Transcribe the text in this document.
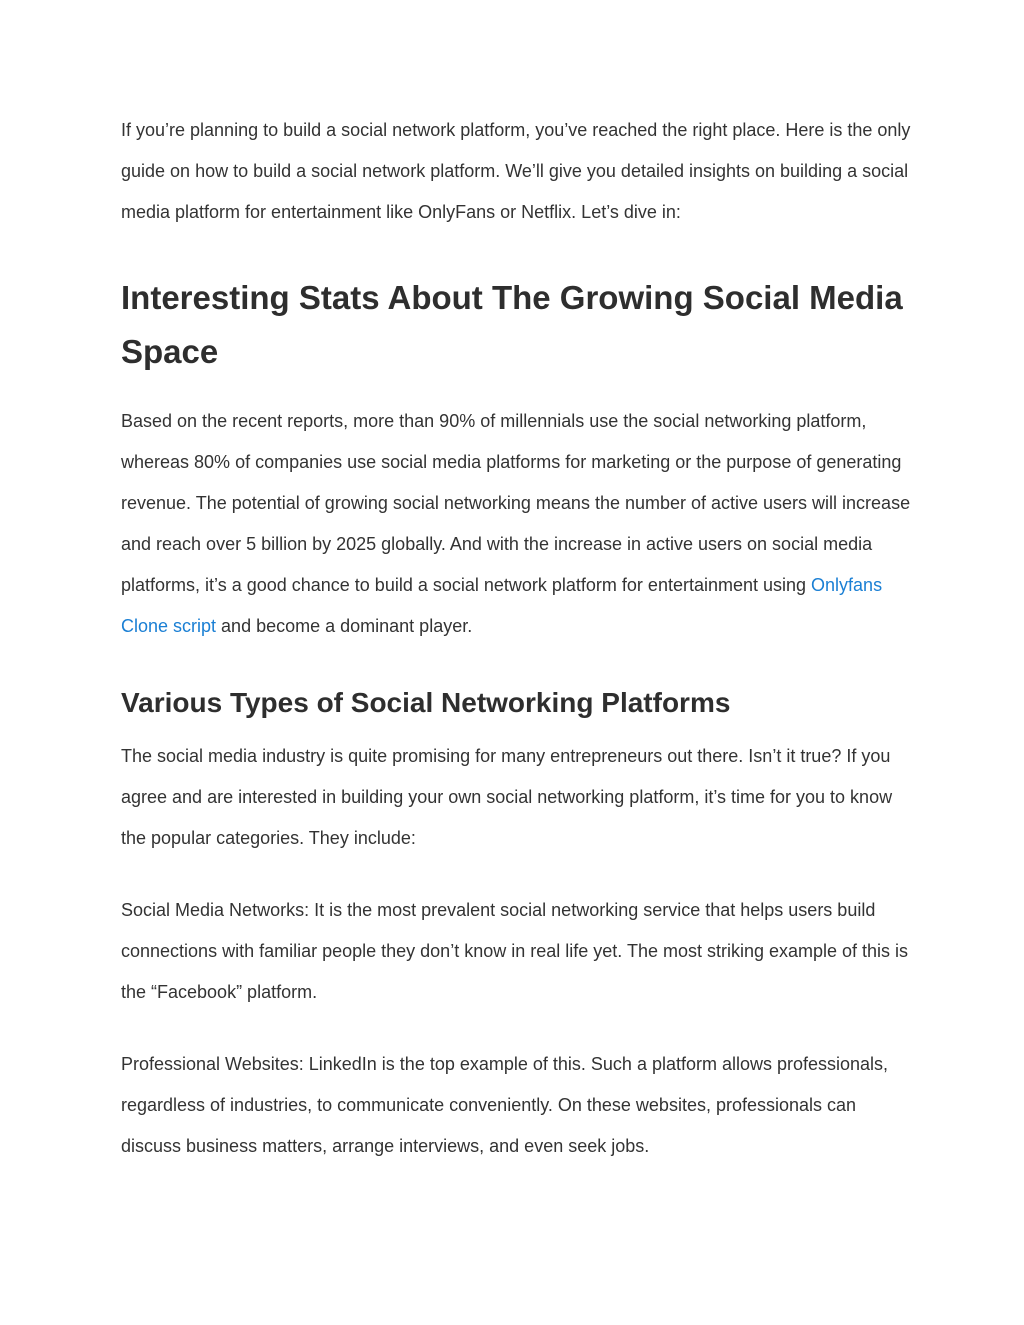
If you’re planning to build a social network platform, you’ve reached the right place. Here is the only guide on how to build a social network platform. We’ll give you detailed insights on building a social media platform for entertainment like OnlyFans or Netflix. Let’s dive in:

Interesting Stats About The Growing Social Media Space

Based on the recent reports, more than 90% of millennials use the social networking platform, whereas 80% of companies use social media platforms for marketing or the purpose of generating revenue. The potential of growing social networking means the number of active users will increase and reach over 5 billion by 2025 globally. And with the increase in active users on social media platforms, it’s a good chance to build a social network platform for entertainment using Onlyfans Clone script and become a dominant player.

Various Types of Social Networking Platforms

The social media industry is quite promising for many entrepreneurs out there. Isn’t it true? If you agree and are interested in building your own social networking platform, it’s time for you to know the popular categories. They include:

Social Media Networks: It is the most prevalent social networking service that helps users build connections with familiar people they don’t know in real life yet. The most striking example of this is the “Facebook” platform.

Professional Websites: LinkedIn is the top example of this. Such a platform allows professionals, regardless of industries, to communicate conveniently. On these websites, professionals can discuss business matters, arrange interviews, and even seek jobs.
